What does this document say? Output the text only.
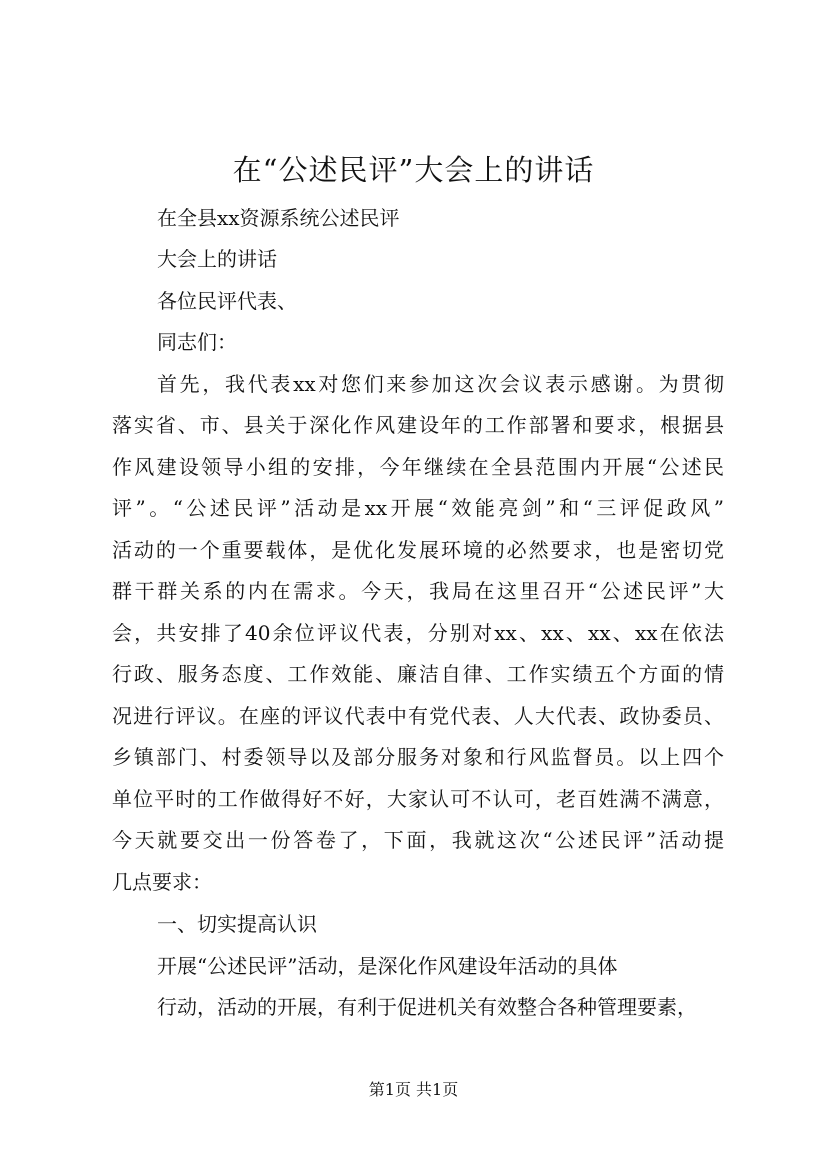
在“公述民评”大会上的讲话
在全县xx资源系统公述民评
大会上的讲话
各位民评代表、
同志们：
首先，我代表xx对您们来参加这次会议表示感谢。为贯彻
落实省、市、县关于深化作风建设年的工作部署和要求，根据县
作风建设领导小组的安排，今年继续在全县范围内开展“公述民
评”。“公述民评”活动是xx开展“效能亮剑”和“三评促政风”
活动的一个重要载体，是优化发展环境的必然要求，也是密切党
群干群关系的内在需求。今天，我局在这里召开“公述民评”大
会，共安排了40余位评议代表，分别对xx、xx、xx、xx在依法
行政、服务态度、工作效能、廉洁自律、工作实绩五个方面的情
况进行评议。在座的评议代表中有党代表、人大代表、政协委员、
乡镇部门、村委领导以及部分服务对象和行风监督员。以上四个
单位平时的工作做得好不好，大家认可不认可，老百姓满不满意，
今天就要交出一份答卷了，下面，我就这次“公述民评”活动提
几点要求：
一、切实提高认识
开展“公述民评”活动，是深化作风建设年活动的具体
行动，活动的开展，有利于促进机关有效整合各种管理要素，
第1页 共1页
